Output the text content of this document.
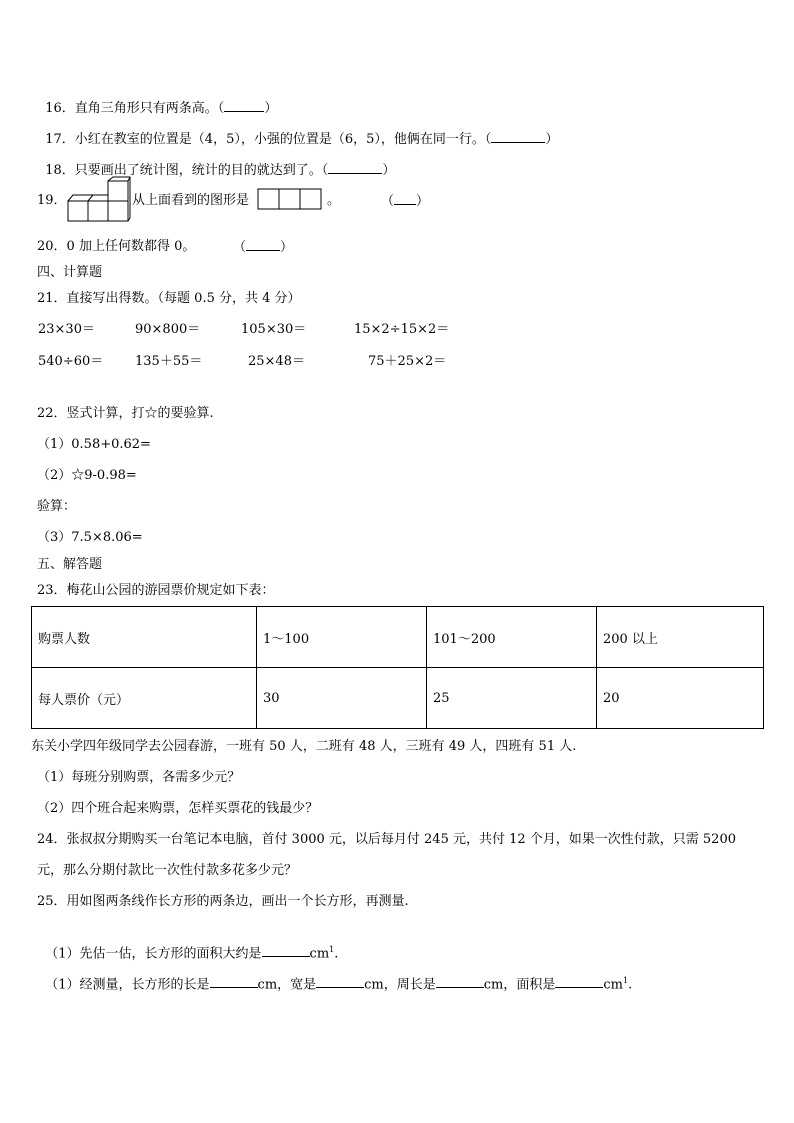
16．直角三角形只有两条高。（	）

17．小红在教室的位置是（4，5），小强的位置是（6，5），他俩在同一行。（	）

18．只要画出了统计图，统计的目的就达到了。（	）

19．	从上面看到的图形是	。	（ ）
20．0 加上任何数都得 0。	（	）
四、计算题
21．直接写出得数。（每题 0.5 分，共 4 分）
23×30＝	90×800＝	105×30＝	15×2÷15×2＝
540÷60＝ 135＋55＝	25×48＝	75＋25×2＝
22．竖式计算，打☆的要验算.
（1）0.58+0.62=
（2）☆9-0.98=
验算：
（3）7.5×8.06=
五、解答题
23．梅花山公园的游园票价规定如下表：
购票人数	1～100	101～200	200 以上
每人票价（元）	30	25	20
东关小学四年级同学去公园春游，一班有 50 人，二班有 48 人，三班有 49 人，四班有 51 人.
（1）每班分别购票，各需多少元？
（2）四个班合起来购票，怎样买票花的钱最少？
24．张叔叔分期购买一台笔记本电脑，首付 3000 元，以后每月付 245 元，共付 12 个月，如果一次性付款，只需 5200
元，那么分期付款比一次性付款多花多少元？
25．用如图两条线作长方形的两条边，画出一个长方形，再测量.

（1）先估一估，长方形的面积大约是	$cm^1$.

（1）经测量，长方形的长是	cm，宽是	cm，周长是	cm，面积是	$cm^1$.
